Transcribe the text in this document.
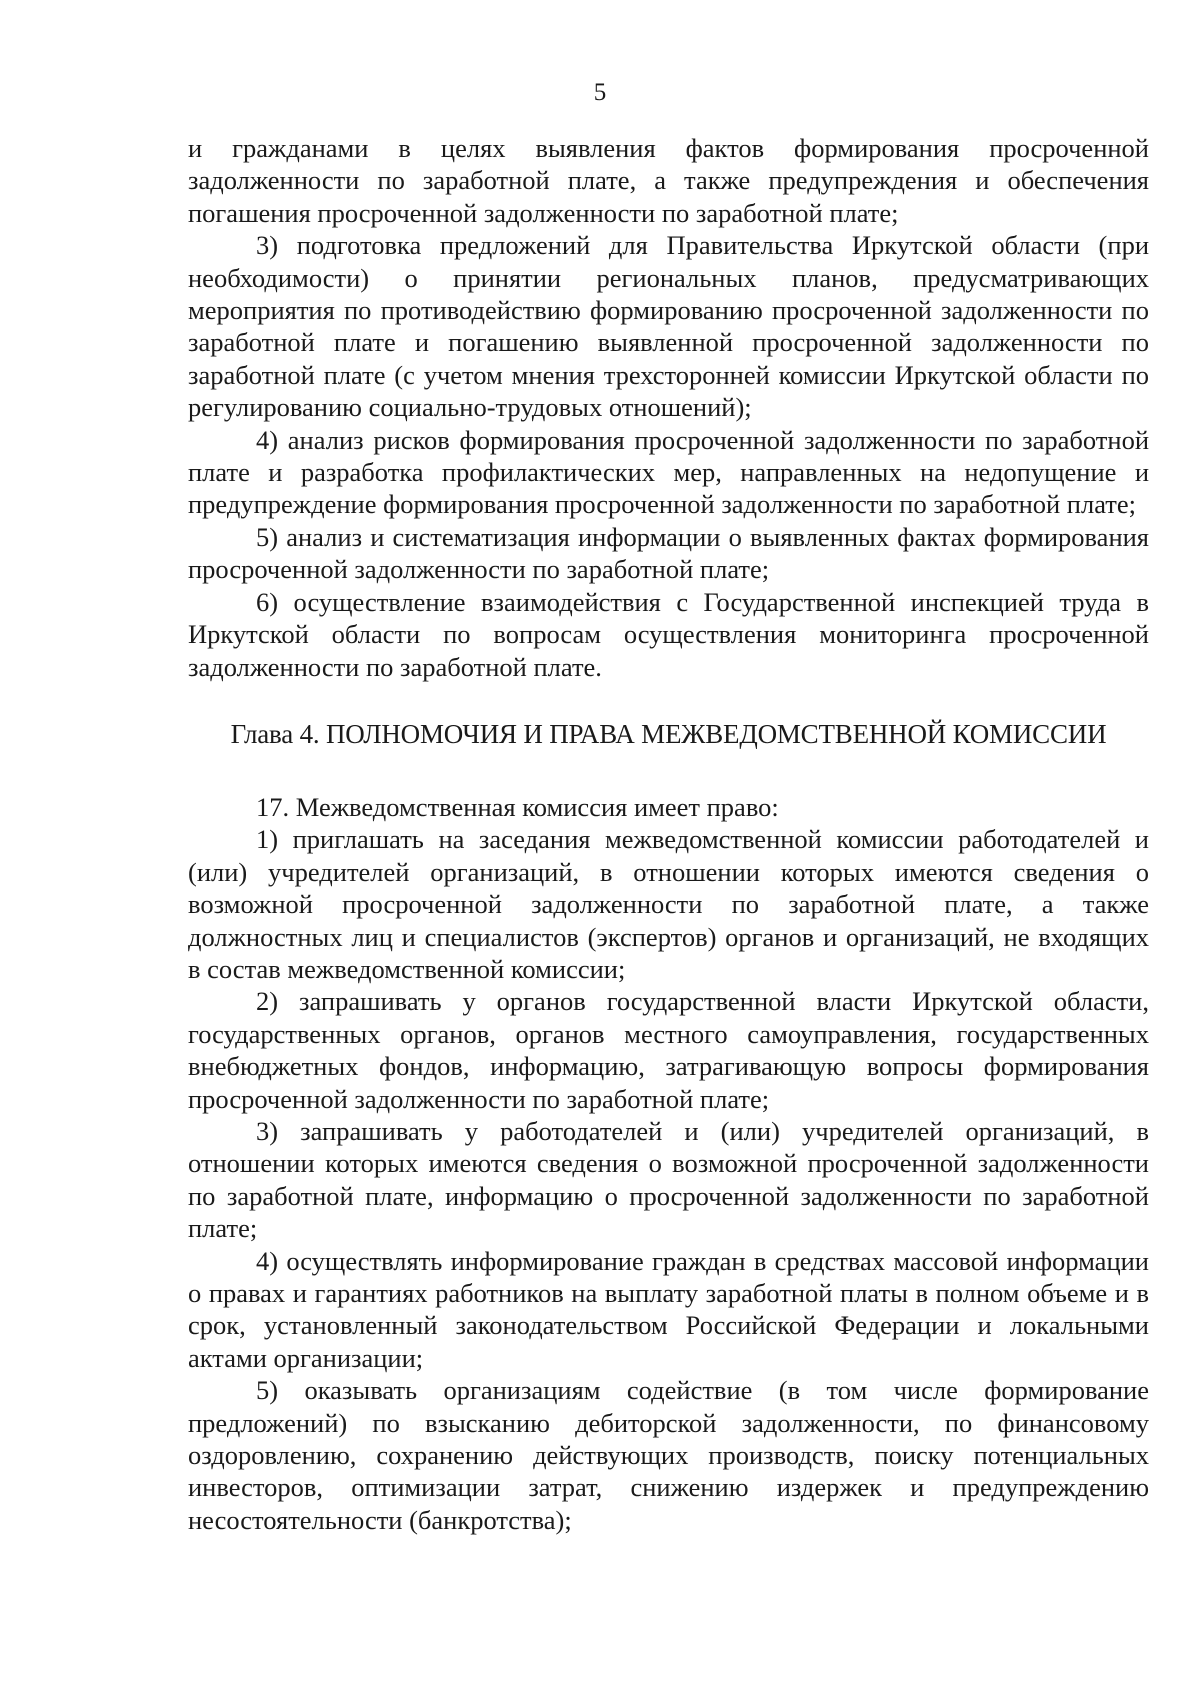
5

и гражданами в целях выявления фактов формирования просроченной задолженности по заработной плате, а также предупреждения и обеспечения погашения просроченной задолженности по заработной плате;

3) подготовка предложений для Правительства Иркутской области (при необходимости) о принятии региональных планов, предусматривающих мероприятия по противодействию формированию просроченной задолженности по заработной плате и погашению выявленной просроченной задолженности по заработной плате (с учетом мнения трехсторонней комиссии Иркутской области по регулированию социально-трудовых отношений);

4) анализ рисков формирования просроченной задолженности по заработной плате и разработка профилактических мер, направленных на недопущение и предупреждение формирования просроченной задолженности по заработной плате;

5) анализ и систематизация информации о выявленных фактах формирования просроченной задолженности по заработной плате;

6) осуществление взаимодействия с Государственной инспекцией труда в Иркутской области по вопросам осуществления мониторинга просроченной задолженности по заработной плате.

Глава 4. ПОЛНОМОЧИЯ И ПРАВА МЕЖВЕДОМСТВЕННОЙ КОМИССИИ

17. Межведомственная комиссия имеет право:

1) приглашать на заседания межведомственной комиссии работодателей и (или) учредителей организаций, в отношении которых имеются сведения о возможной просроченной задолженности по заработной плате, а также должностных лиц и специалистов (экспертов) органов и организаций, не входящих в состав межведомственной комиссии;

2) запрашивать у органов государственной власти Иркутской области, государственных органов, органов местного самоуправления, государственных внебюджетных фондов, информацию, затрагивающую вопросы формирования просроченной задолженности по заработной плате;

3) запрашивать у работодателей и (или) учредителей организаций, в отношении которых имеются сведения о возможной просроченной задолженности по заработной плате, информацию о просроченной задолженности по заработной плате;

4) осуществлять информирование граждан в средствах массовой информации о правах и гарантиях работников на выплату заработной платы в полном объеме и в срок, установленный законодательством Российской Федерации и локальными актами организации;

5) оказывать организациям содействие (в том числе формирование предложений) по взысканию дебиторской задолженности, по финансовому оздоровлению, сохранению действующих производств, поиску потенциальных инвесторов, оптимизации затрат, снижению издержек и предупреждению несостоятельности (банкротства);
